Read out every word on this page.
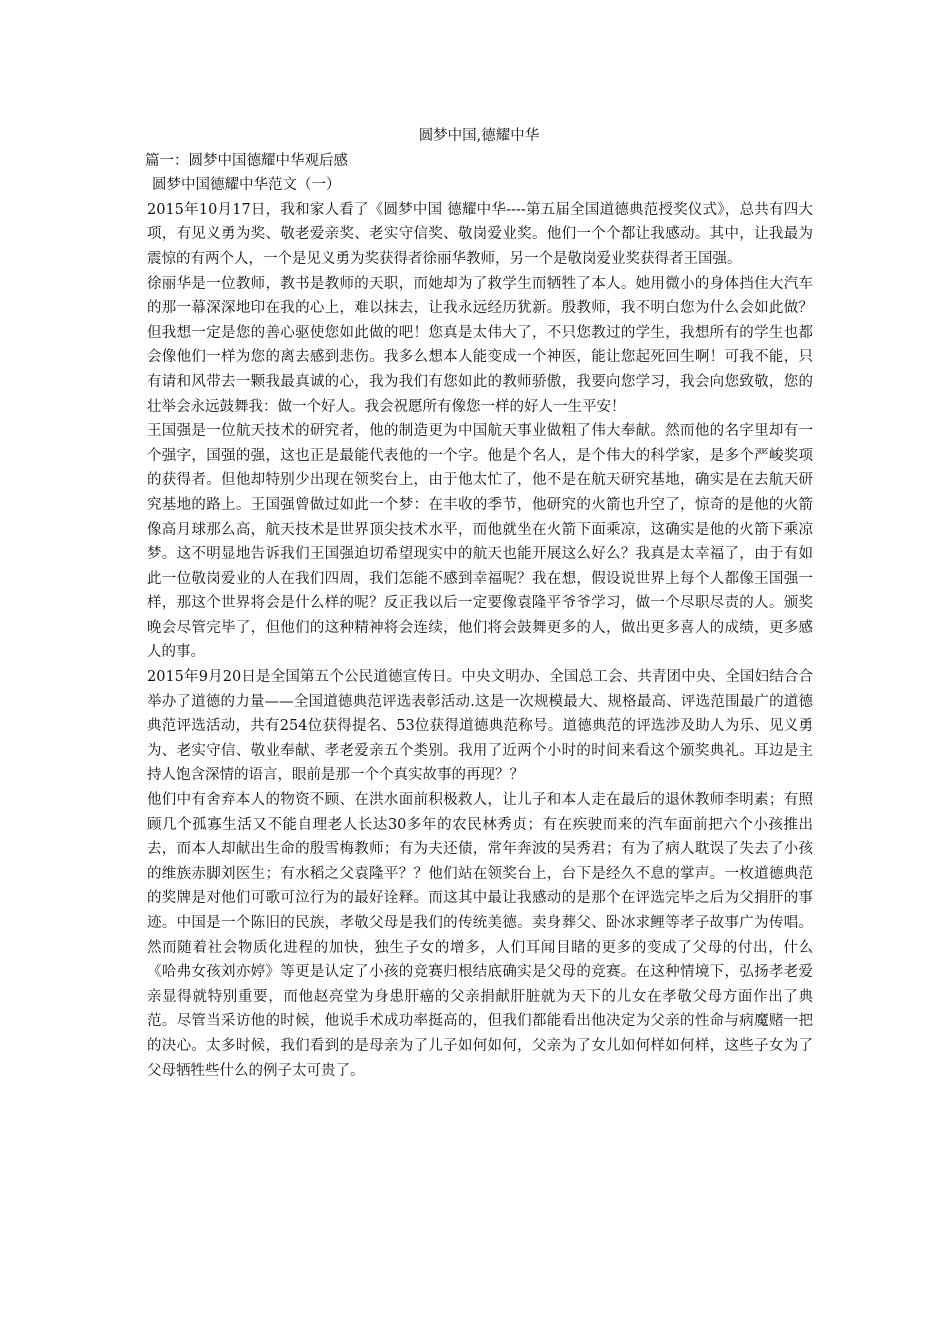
圆梦中国,德耀中华

篇一：圆梦中国德耀中华观后感

圆梦中国德耀中华范文（一）

2015年10月17日，我和家人看了《圆梦中国 德耀中华----第五届全国道德典范授奖仪式》，总共有四大项，有见义勇为奖、敬老爱亲奖、老实守信奖、敬岗爱业奖。他们一个个都让我感动。其中，让我最为震惊的有两个人，一个是见义勇为奖获得者徐丽华教师，另一个是敬岗爱业奖获得者王国强。

徐丽华是一位教师，教书是教师的天职，而她却为了救学生而牺牲了本人。她用微小的身体挡住大汽车的那一幕深深地印在我的心上，难以抹去，让我永远经历犹新。殷教师，我不明白您为什么会如此做？但我想一定是您的善心驱使您如此做的吧！您真是太伟大了，不只您教过的学生，我想所有的学生也都会像他们一样为您的离去感到悲伤。我多么想本人能变成一个神医，能让您起死回生啊！可我不能，只有请和风带去一颗我最真诚的心，我为我们有您如此的教师骄傲，我要向您学习，我会向您致敬，您的壮举会永远鼓舞我：做一个好人。我会祝愿所有像您一样的好人一生平安！

王国强是一位航天技术的研究者，他的制造更为中国航天事业做粗了伟大奉献。然而他的名字里却有一个强字，国强的强，这也正是最能代表他的一个字。他是个名人，是个伟大的科学家，是多个严峻奖项的获得者。但他却特别少出现在领奖台上，由于他太忙了，他不是在航天研究基地，确实是在去航天研究基地的路上。王国强曾做过如此一个梦：在丰收的季节，他研究的火箭也升空了，惊奇的是他的火箭像高月球那么高，航天技术是世界顶尖技术水平，而他就坐在火箭下面乘凉，这确实是他的火箭下乘凉梦。这不明显地告诉我们王国强迫切希望现实中的航天也能开展这么好么？我真是太幸福了，由于有如此一位敬岗爱业的人在我们四周，我们怎能不感到幸福呢？我在想，假设说世界上每个人都像王国强一样，那这个世界将会是什么样的呢？反正我以后一定要像袁隆平爷爷学习，做一个尽职尽责的人。颁奖晚会尽管完毕了，但他们的这种精神将会连续，他们将会鼓舞更多的人，做出更多喜人的成绩，更多感人的事。

2015年9月20日是全国第五个公民道德宣传日。中央文明办、全国总工会、共青团中央、全国妇结合合举办了道德的力量——全国道德典范评选表彰活动.这是一次规模最大、规格最高、评选范围最广的道德典范评选活动，共有254位获得提名、53位获得道德典范称号。道德典范的评选涉及助人为乐、见义勇为、老实守信、敬业奉献、孝老爱亲五个类别。我用了近两个小时的时间来看这个颁奖典礼。耳边是主持人饱含深情的语言，眼前是那一个个真实故事的再现？？

他们中有舍弃本人的物资不顾、在洪水面前积极救人，让儿子和本人走在最后的退休教师李明素；有照顾几个孤寡生活又不能自理老人长达30多年的农民林秀贞；有在疾驶而来的汽车面前把六个小孩推出去，而本人却献出生命的殷雪梅教师；有为夫还债，常年奔波的吴秀君；有为了病人耽误了失去了小孩的维族赤脚刘医生；有水稻之父袁隆平？？他们站在领奖台上，台下是经久不息的掌声。一枚道德典范的奖牌是对他们可歌可泣行为的最好诠释。而这其中最让我感动的是那个在评选完毕之后为父捐肝的事迹。中国是一个陈旧的民族，孝敬父母是我们的传统美德。卖身葬父、卧冰求鲤等孝子故事广为传唱。然而随着社会物质化进程的加快，独生子女的增多，人们耳闻目睹的更多的变成了父母的付出，什么《哈弗女孩刘亦婷》等更是认定了小孩的竞赛归根结底确实是父母的竞赛。在这种情境下，弘扬孝老爱亲显得就特别重要，而他赵亮堂为身患肝癌的父亲捐献肝脏就为天下的儿女在孝敬父母方面作出了典范。尽管当采访他的时候，他说手术成功率挺高的，但我们都能看出他决定为父亲的性命与病魔赌一把的决心。太多时候，我们看到的是母亲为了儿子如何如何，父亲为了女儿如何样如何样，这些子女为了父母牺牲些什么的例子太可贵了。
